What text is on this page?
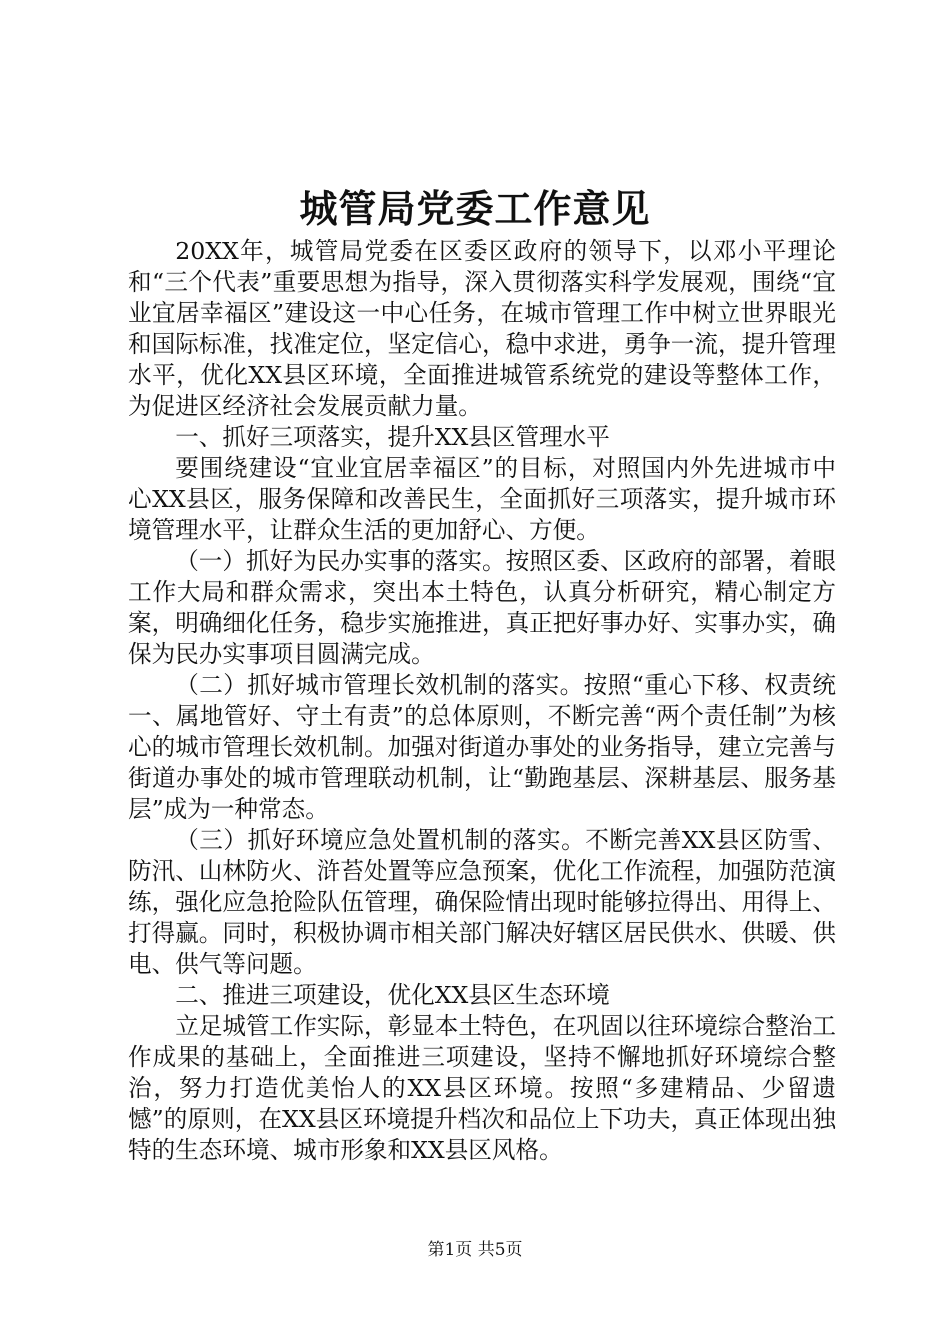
城管局党委工作意见

20XX年，城管局党委在区委区政府的领导下，以邓小平理论和“三个代表”重要思想为指导，深入贯彻落实科学发展观，围绕“宜业宜居幸福区”建设这一中心任务，在城市管理工作中树立世界眼光和国际标准，找准定位，坚定信心，稳中求进，勇争一流，提升管理水平，优化XX县区环境，全面推进城管系统党的建设等整体工作，为促进区经济社会发展贡献力量。

一、抓好三项落实，提升XX县区管理水平

要围绕建设“宜业宜居幸福区”的目标，对照国内外先进城市中心XX县区，服务保障和改善民生，全面抓好三项落实，提升城市环境管理水平，让群众生活的更加舒心、方便。

（一）抓好为民办实事的落实。按照区委、区政府的部署，着眼工作大局和群众需求，突出本土特色，认真分析研究，精心制定方案，明确细化任务，稳步实施推进，真正把好事办好、实事办实，确保为民办实事项目圆满完成。

（二）抓好城市管理长效机制的落实。按照“重心下移、权责统一、属地管好、守土有责”的总体原则，不断完善“两个责任制”为核心的城市管理长效机制。加强对街道办事处的业务指导，建立完善与街道办事处的城市管理联动机制，让“勤跑基层、深耕基层、服务基层”成为一种常态。

（三）抓好环境应急处置机制的落实。不断完善XX县区防雪、防汛、山林防火、浒苔处置等应急预案，优化工作流程，加强防范演练，强化应急抢险队伍管理，确保险情出现时能够拉得出、用得上、打得赢。同时，积极协调市相关部门解决好辖区居民供水、供暖、供电、供气等问题。

二、推进三项建设，优化XX县区生态环境

立足城管工作实际，彰显本土特色，在巩固以往环境综合整治工作成果的基础上，全面推进三项建设，坚持不懈地抓好环境综合整治，努力打造优美怡人的XX县区环境。按照“多建精品、少留遗憾”的原则，在XX县区环境提升档次和品位上下功夫，真正体现出独特的生态环境、城市形象和XX县区风格。

第1页 共5页
